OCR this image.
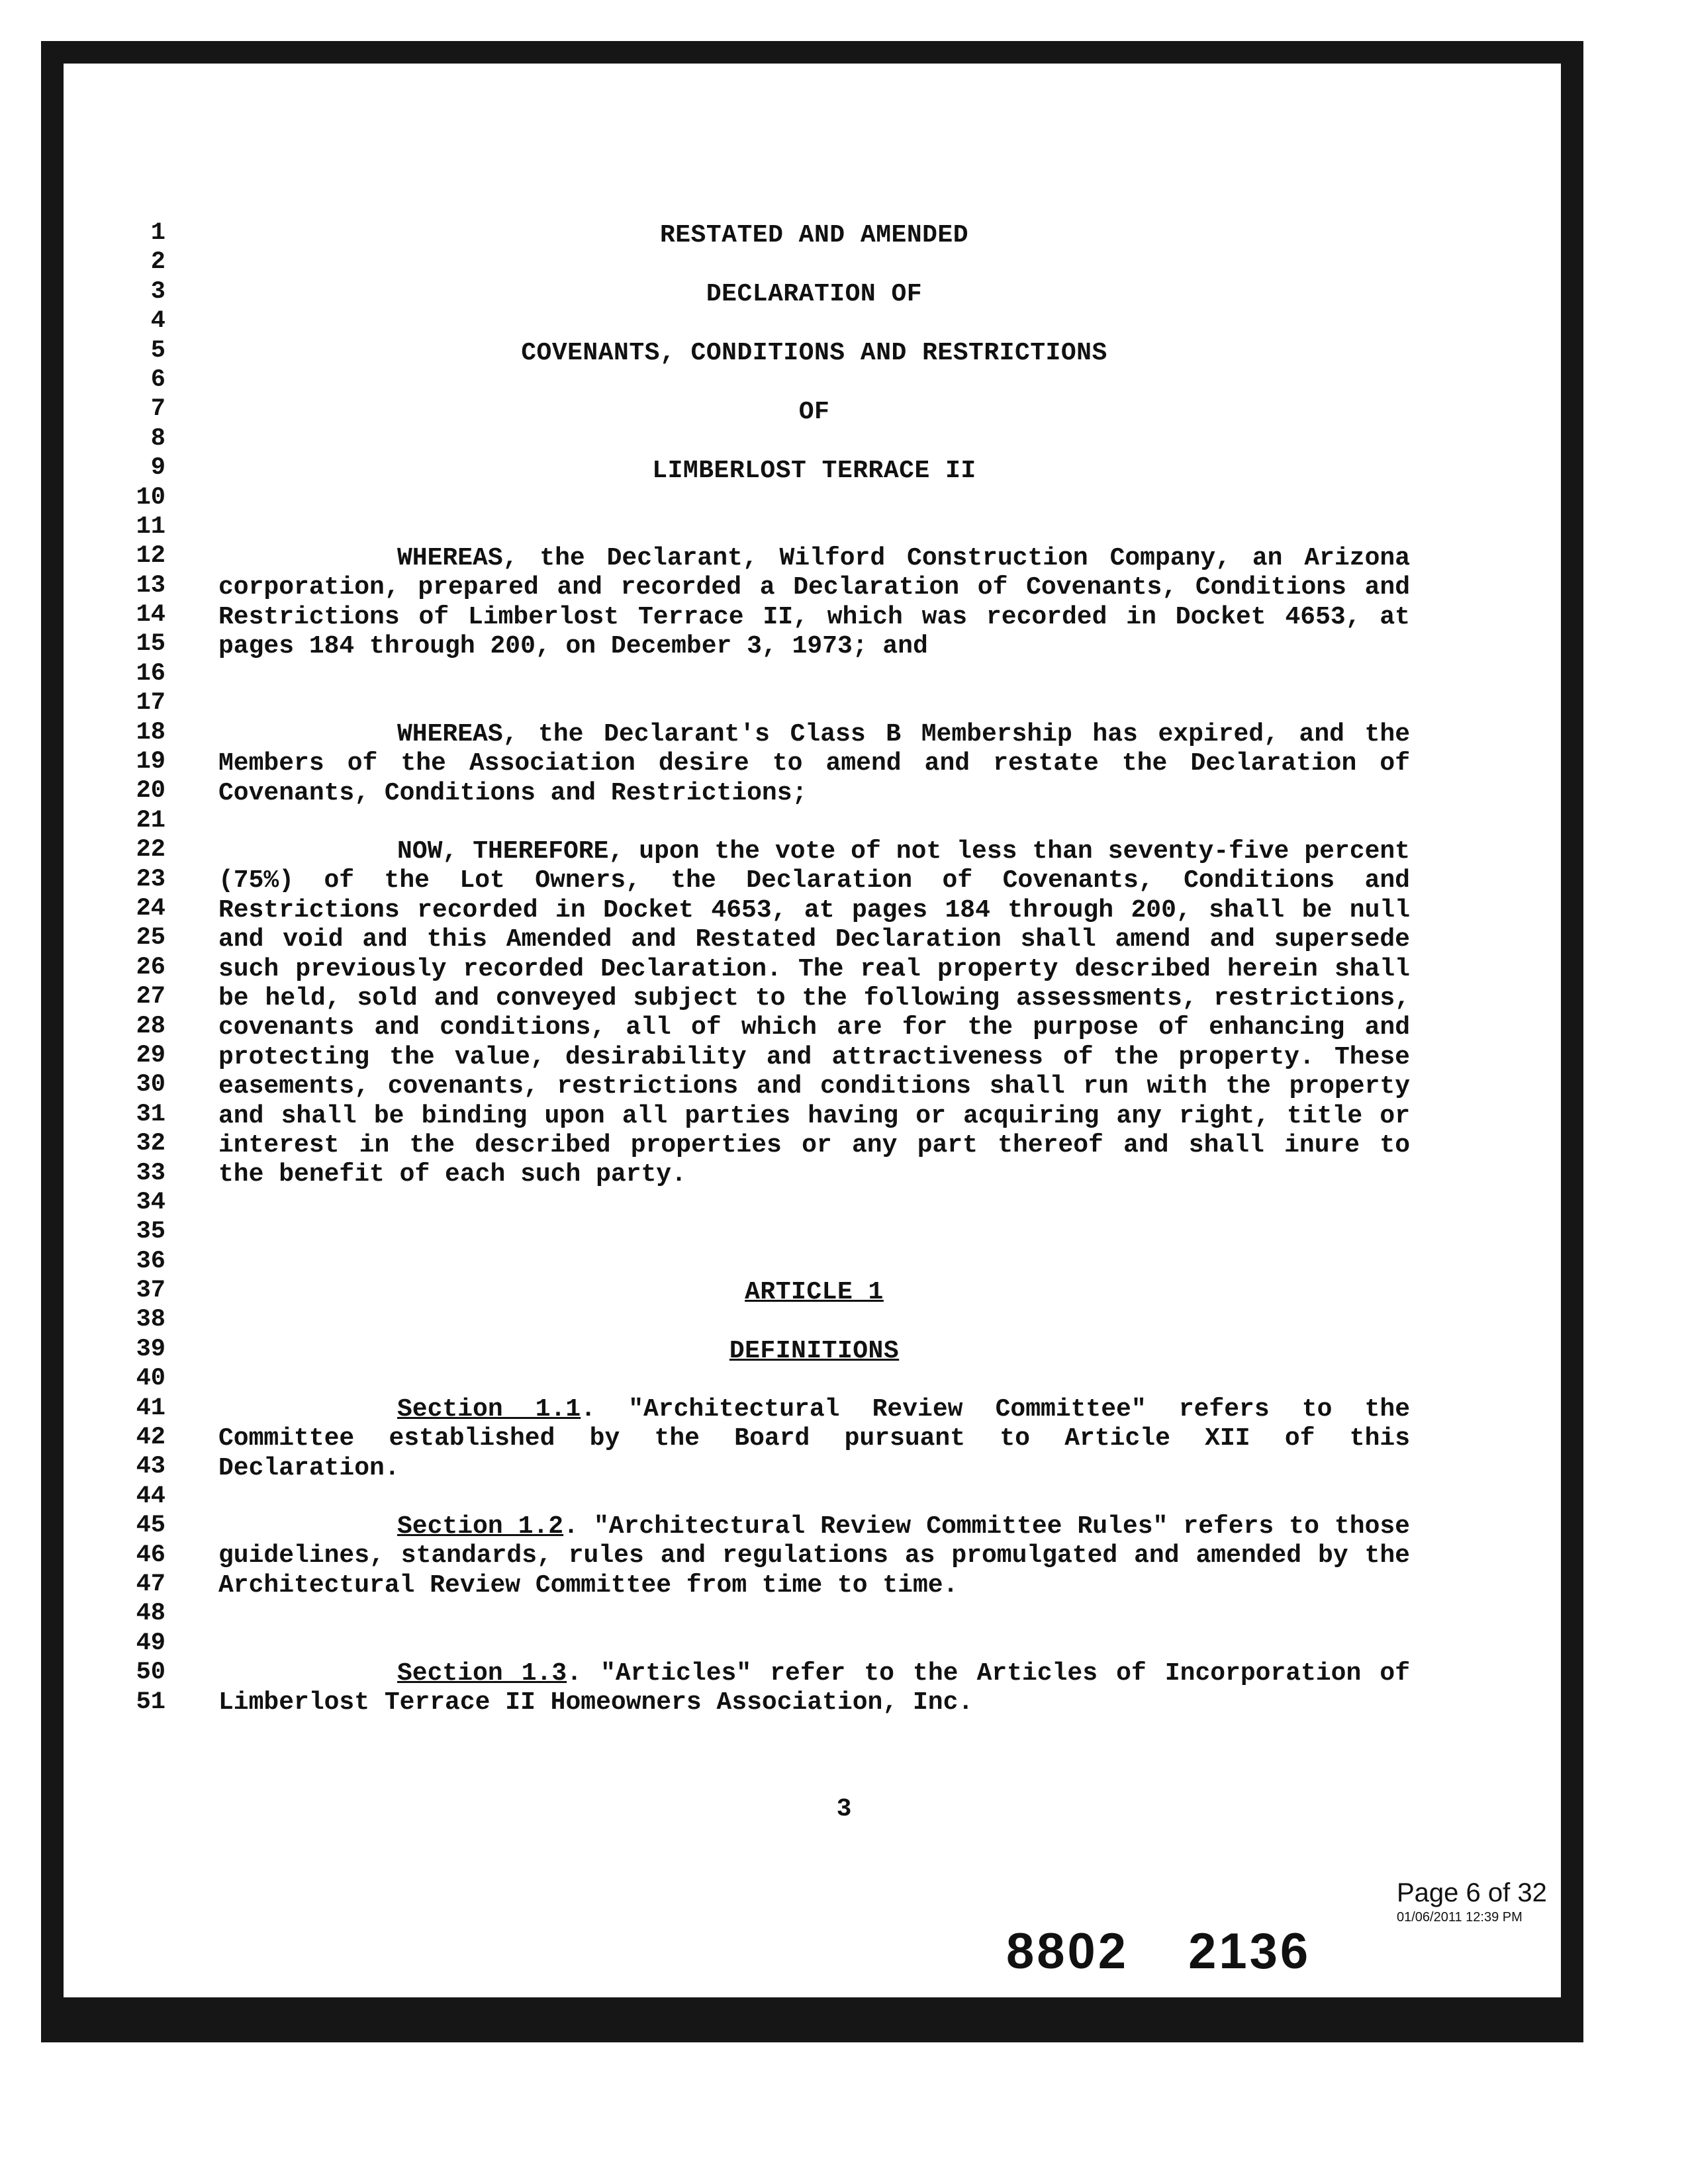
1
2
3
4
5
6
7
8
9
10
11
12
13
14
15
16
17
18
19
20
21
22
23
24
25
26
27
28
29
30
31
32
33
34
35
36
37
38
39
40
41
42
43
44
45
46
47
48
49
50
51
RESTATED AND AMENDED
DECLARATION OF
COVENANTS, CONDITIONS AND RESTRICTIONS
OF
LIMBERLOST TERRACE II

WHEREAS, the Declarant, Wilford Construction Company, an Arizona corporation, prepared and recorded a Declaration of Covenants, Conditions and Restrictions of Limberlost Terrace II, which was recorded in Docket 4653, at pages 184 through 200, on December 3, 1973; and

WHEREAS, the Declarant's Class B Membership has expired, and the Members of the Association desire to amend and restate the Declaration of Covenants, Conditions and Restrictions;

NOW, THEREFORE, upon the vote of not less than seventy-five percent (75%) of the Lot Owners, the Declaration of Covenants, Conditions and Restrictions recorded in Docket 4653, at pages 184 through 200, shall be null and void and this Amended and Restated Declaration shall amend and supersede such previously recorded Declaration. The real property described herein shall be held, sold and conveyed subject to the following assessments, restrictions, covenants and conditions, all of which are for the purpose of enhancing and protecting the value, desirability and attractiveness of the property. These easements, covenants, restrictions and conditions shall run with the property and shall be binding upon all parties having or acquiring any right, title or interest in the described properties or any part thereof and shall inure to the benefit of each such party.

ARTICLE 1
DEFINITIONS

Section 1.1. "Architectural Review Committee" refers to the Committee established by the Board pursuant to Article XII of this Declaration.

Section 1.2. "Architectural Review Committee Rules" refers to those guidelines, standards, rules and regulations as promulgated and amended by the Architectural Review Committee from time to time.

Section 1.3. "Articles" refer to the Articles of Incorporation of Limberlost Terrace II Homeowners Association, Inc.

3
Page 6 of 32
01/06/2011 12:39 PM
8802 2136
